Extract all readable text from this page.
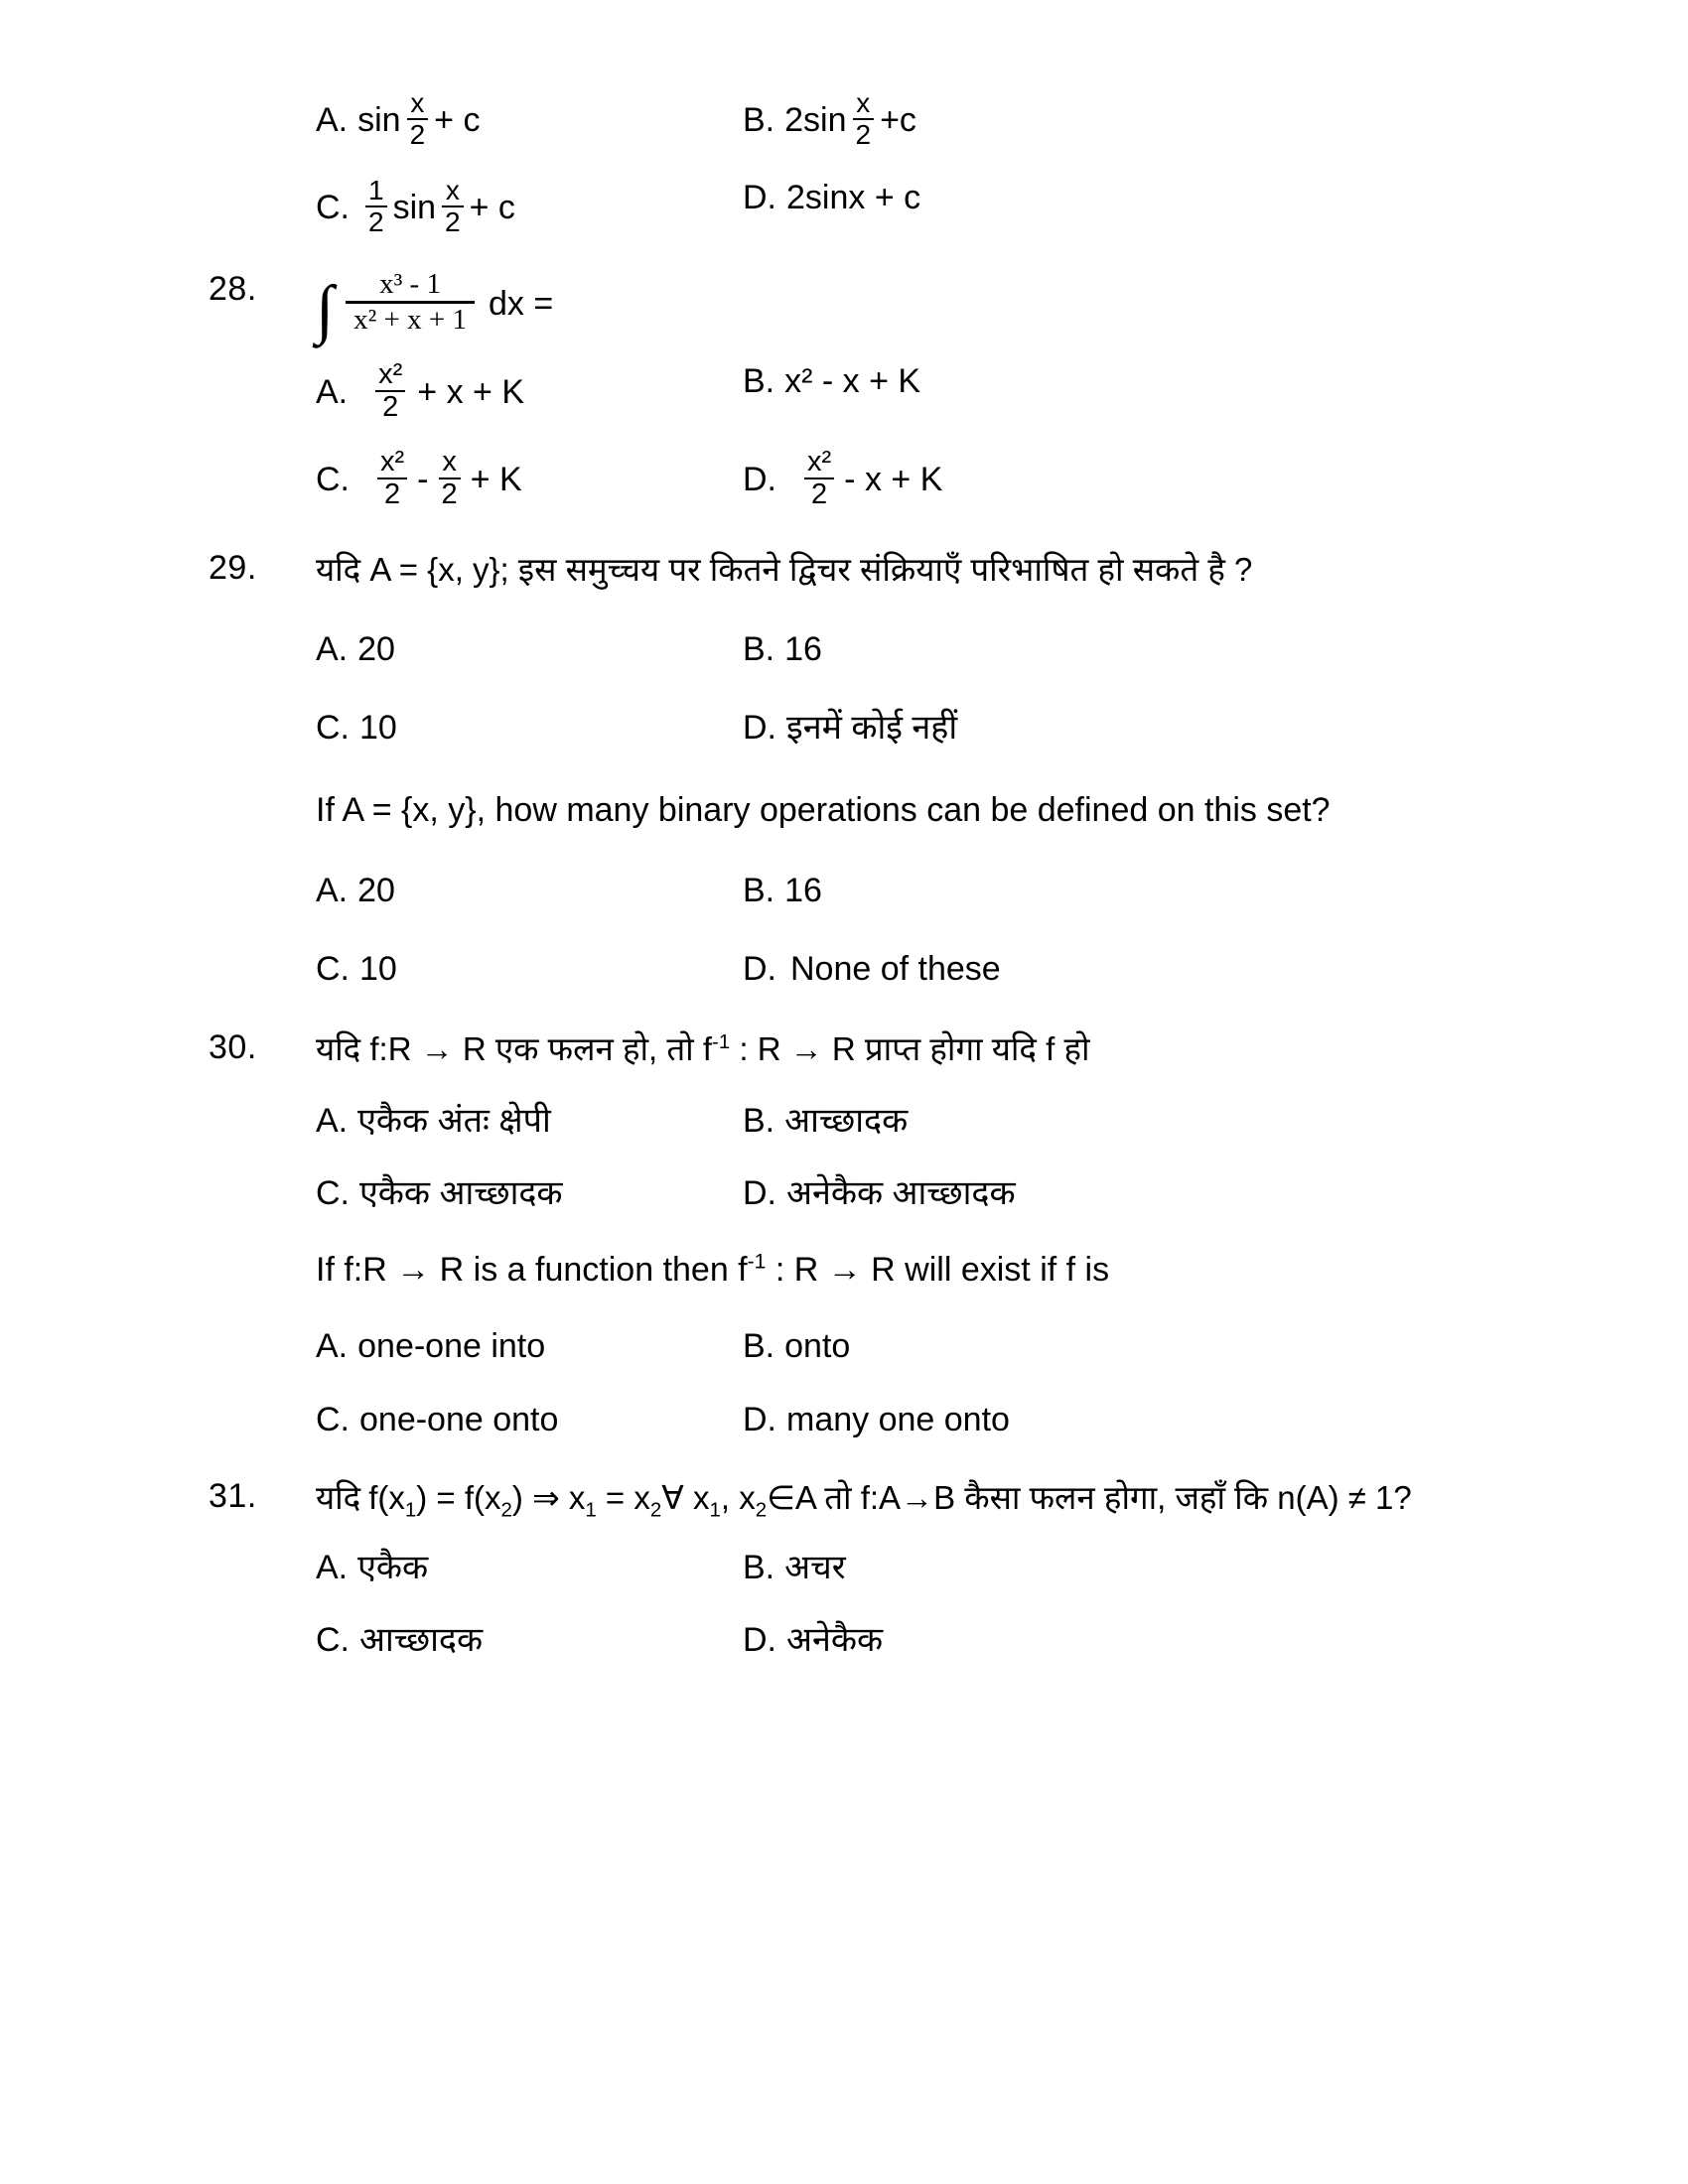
A. $\sin \frac{x}{2} + c$	B. $2\sin \frac{x}{2} +c$
C. $\frac{1}{2}$ $\sin \frac{x}{2} + c$	D. 2sinx + c
28. ∫ $\frac{\text{x³ - 1}}{\text{x² + x + 1}}$ dx =
A. $\frac{\text{x²}}{2} + x + K$	B. x² - x + K
C. $\frac{\text{x²}}{2} - \frac{x}{2} + K$	D. $\frac{\text{x²}}{2} - x + K$
29.	यदि A = {x, y}; इस समुच्चय पर कितने द्विचर संक्रियाएँ परिभाषित हो सकते है ?
A. 20	B. 16
C. 10	D. इनमें कोई नहीं
If A = {x, y}, how many binary operations can be defined on this set?
A. 20	B. 16
C. 10	D. None of these
30.	यदि f:R → R एक फलन हो, तो $f^{-1}$ : R → R प्राप्त होगा यदि f हो
A. एकैक अंतः क्षेपी	B. आच्छादक
C. एकैक आच्छादक	D. अनेकैक आच्छादक
If f:R → R is a function then $f^{-1}$ : R → R will exist if f is
A. one-one into	B. onto
C. one-one onto	D. many one onto
31.	यदि $f(x_1) = f(x_2)$ ⇒ $x_1$ = $x_2\forall$ $x_1$, $x_2\in A$ तो f:A→B कैसा फलन होगा, जहाँ कि n(A) ≠ 1?
A. एकैक	B. अचर
C. आच्छादक	D. अनेकैक
